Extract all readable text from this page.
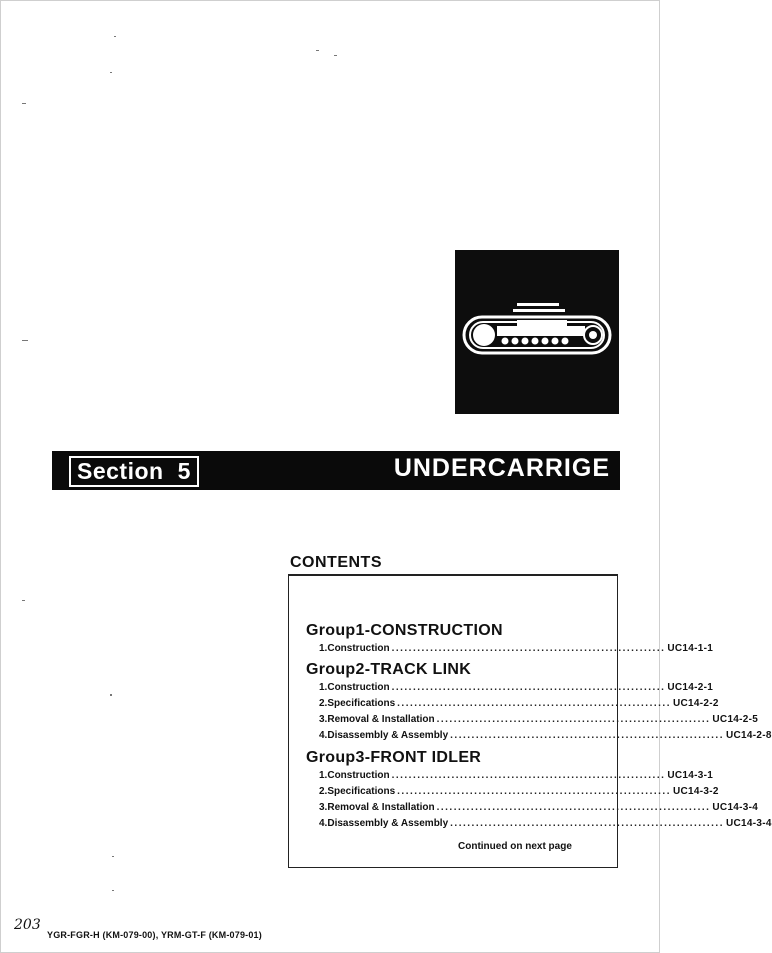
Section 5	UNDERCARRIGE
CONTENTS
Group1-CONSTRUCTION
1. Construction ................................................................ UC14-1-1
Group2-TRACK LINK
1. Construction ................................................................ UC14-2-1
2. Specifications ................................................................ UC14-2-2
3. Removal & Installation ................................................................ UC14-2-5
4. Disassembly & Assembly ................................................................ UC14-2-8
Group3-FRONT IDLER
1. Construction ................................................................ UC14-3-1
2. Specifications ................................................................ UC14-3-2
3. Removal & Installation ................................................................ UC14-3-4
4. Disassembly & Assembly ................................................................ UC14-3-4
Continued on next page
203
YGR-FGR-H (KM-079-00), YRM-GT-F (KM-079-01)
